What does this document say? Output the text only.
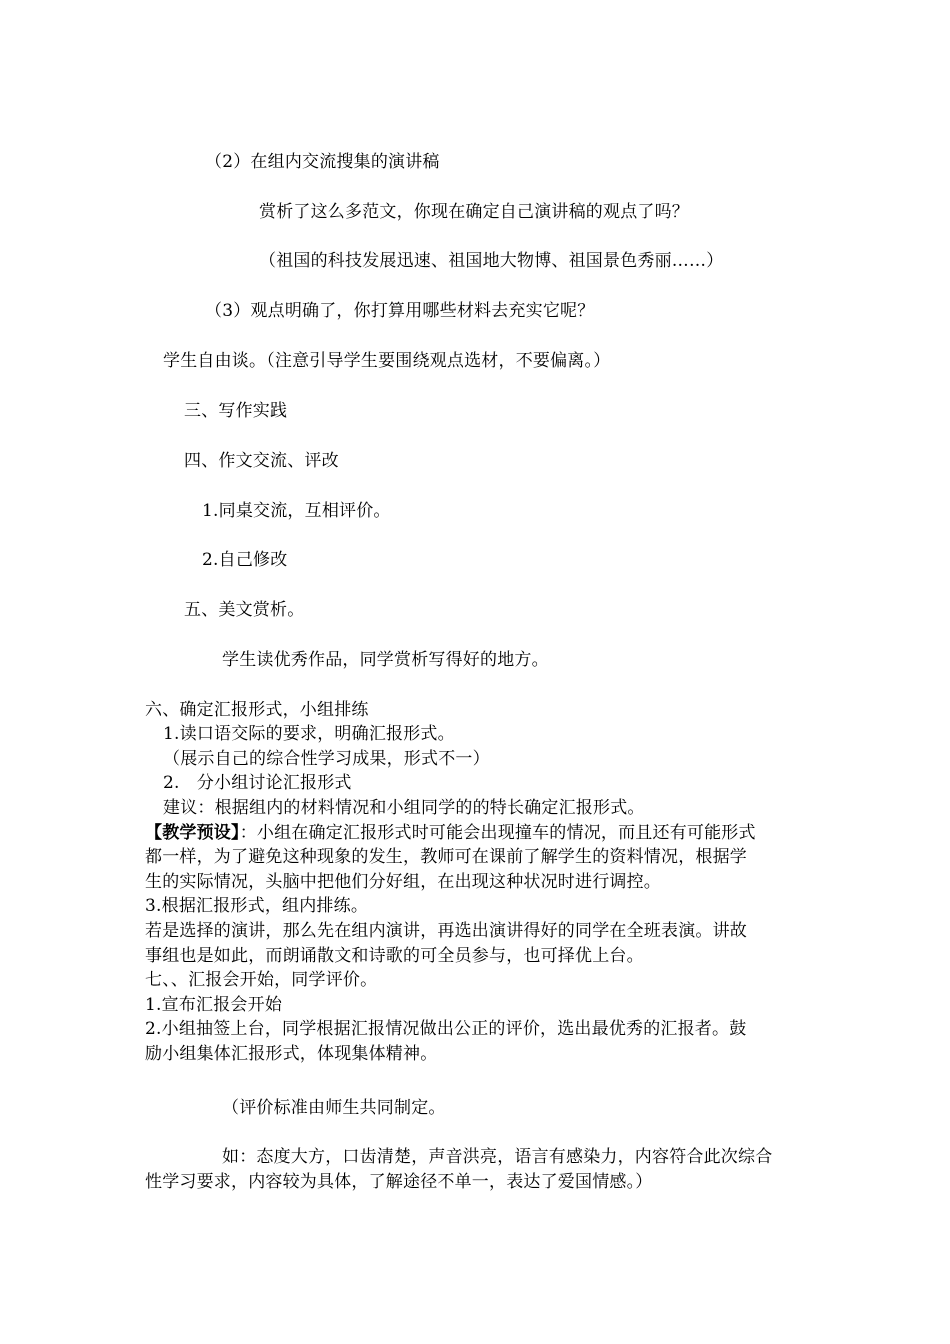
（2）在组内交流搜集的演讲稿
赏析了这么多范文，你现在确定自己演讲稿的观点了吗？
（祖国的科技发展迅速、祖国地大物博、祖国景色秀丽……）
（3）观点明确了，你打算用哪些材料去充实它呢？
学生自由谈。（注意引导学生要围绕观点选材，不要偏离。）
三、写作实践
四、作文交流、评改
1.同桌交流，互相评价。
2.自己修改
五、美文赏析。
学生读优秀作品，同学赏析写得好的地方。
六、确定汇报形式，小组排练
1.读口语交际的要求，明确汇报形式。
（展示自己的综合性学习成果，形式不一）
2.　分小组讨论汇报形式
建议：根据组内的材料情况和小组同学的的特长确定汇报形式。
【教学预设】：小组在确定汇报形式时可能会出现撞车的情况，而且还有可能形式
都一样，为了避免这种现象的发生，教师可在课前了解学生的资料情况，根据学
生的实际情况，头脑中把他们分好组，在出现这种状况时进行调控。
3.根据汇报形式，组内排练。
若是选择的演讲，那么先在组内演讲，再选出演讲得好的同学在全班表演。讲故
事组也是如此，而朗诵散文和诗歌的可全员参与，也可择优上台。
七、、汇报会开始，同学评价。
1.宣布汇报会开始
2.小组抽签上台，同学根据汇报情况做出公正的评价，选出最优秀的汇报者。鼓
励小组集体汇报形式，体现集体精神。
（评价标准由师生共同制定。
如：态度大方，口齿清楚，声音洪亮，语言有感染力，内容符合此次综合
性学习要求，内容较为具体，了解途径不单一，表达了爱国情感。）
